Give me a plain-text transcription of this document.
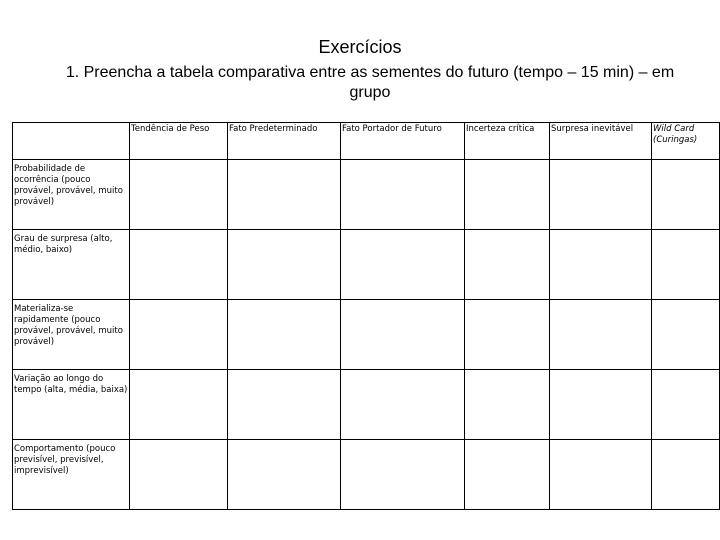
Exercícios
1. Preencha a tabela comparativa entre as sementes do futuro (tempo – 15 min) – em grupo
	Tendência de Peso	Fato Predeterminado	Fato Portador de Futuro	Incerteza crítica	Surpresa inevitável	Wild Card (Curingas)
Probabilidade de ocorrência (pouco provável, provável, muito provável)						
Grau de surpresa (alto, médio, baixo)						
Materializa-se rapidamente (pouco provável, provável, muito provável)						
Variação ao longo do tempo (alta, média, baixa)						
Comportamento (pouco previsível, previsível, imprevisível)						
